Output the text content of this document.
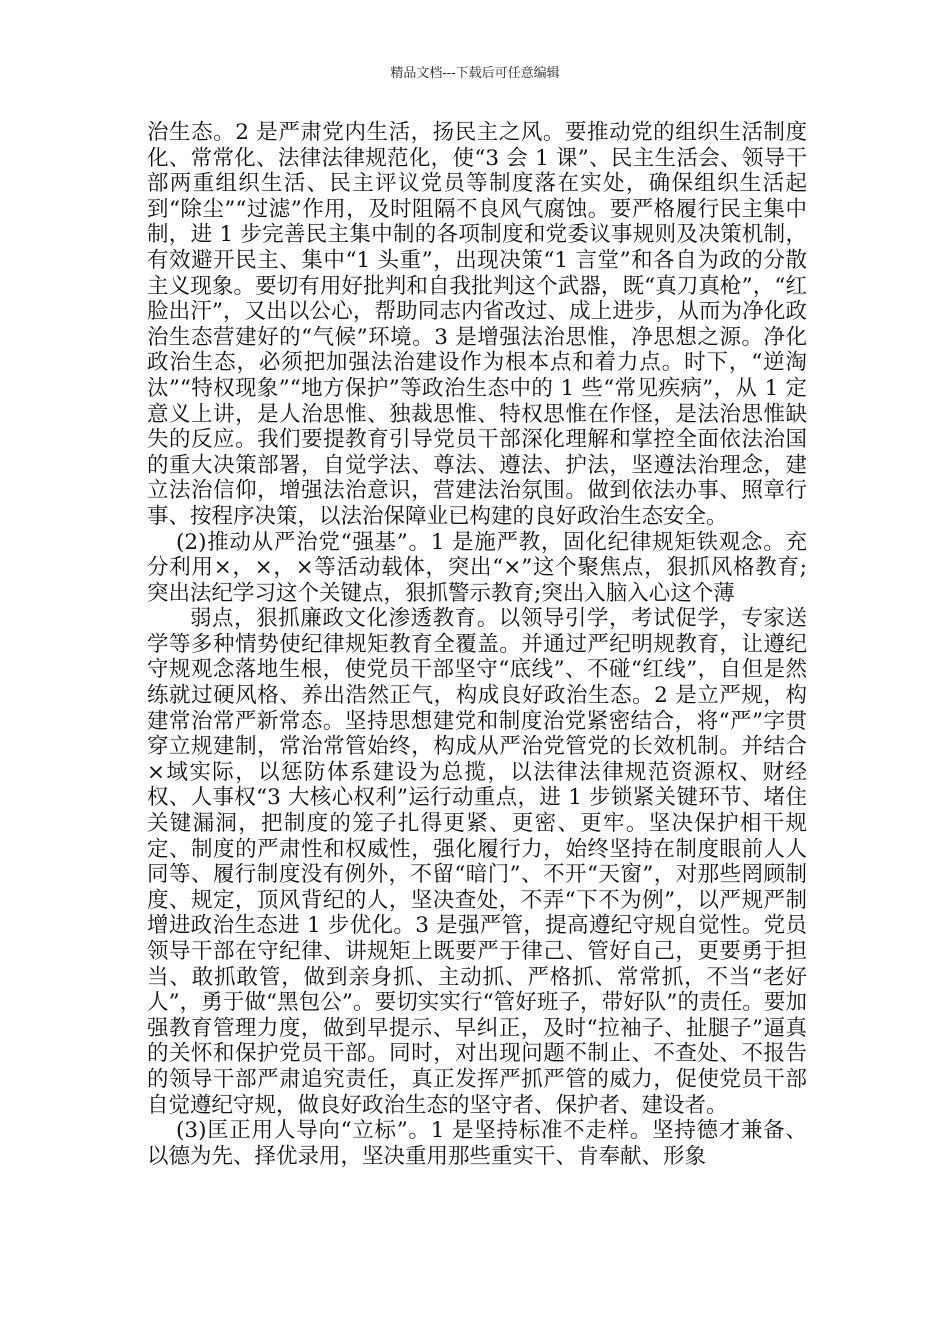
精品文档---下载后可任意编辑

治生态。2 是严肃党内生活，扬民主之风。要推动党的组织生活制度化、常常化、法律法律规范化，使“3 会 1 课”、民主生活会、领导干部两重组织生活、民主评议党员等制度落在实处，确保组织生活起到“除尘”“过滤”作用，及时阻隔不良风气腐蚀。要严格履行民主集中制，进 1 步完善民主集中制的各项制度和党委议事规则及决策机制，有效避开民主、集中“1 头重”，出现决策“1 言堂”和各自为政的分散主义现象。要切有用好批判和自我批判这个武器，既“真刀真枪”，“红脸出汗”，又出以公心，帮助同志内省改过、成上进步，从而为净化政治生态营建好的“气候”环境。3 是增强法治思惟，净思想之源。净化政治生态，必须把加强法治建设作为根本点和着力点。时下，“逆淘汰”“特权现象”“地方保护”等政治生态中的 1 些“常见疾病”，从 1 定意义上讲，是人治思惟、独裁思惟、特权思惟在作怪，是法治思惟缺失的反应。我们要提教育引导党员干部深化理解和掌控全面依法治国的重大决策部署，自觉学法、尊法、遵法、护法，坚遵法治理念，建立法治信仰，增强法治意识，营建法治氛围。做到依法办事、照章行事、按程序决策，以法治保障业已构建的良好政治生态安全。

(2)推动从严治党“强基”。1 是施严教，固化纪律规矩铁观念。充分利用×，×，×等活动载体，突出“×”这个聚焦点，狠抓风格教育;突出法纪学习这个关键点，狠抓警示教育;突出入脑入心这个薄

弱点，狠抓廉政文化渗透教育。以领导引学，考试促学，专家送学等多种情势使纪律规矩教育全覆盖。并通过严纪明规教育，让遵纪守规观念落地生根，使党员干部坚守“底线”、不碰“红线”，自但是然练就过硬风格、养出浩然正气，构成良好政治生态。2 是立严规，构建常治常严新常态。坚持思想建党和制度治党紧密结合，将“严”字贯穿立规建制，常治常管始终，构成从严治党管党的长效机制。并结合×域实际，以惩防体系建设为总揽，以法律法律规范资源权、财经权、人事权“3 大核心权利”运行动重点，进 1 步锁紧关键环节、堵住关键漏洞，把制度的笼子扎得更紧、更密、更牢。坚决保护相干规定、制度的严肃性和权威性，强化履行力，始终坚持在制度眼前人人同等、履行制度没有例外，不留“暗门”、不开“天窗”，对那些罔顾制度、规定，顶风背纪的人，坚决查处，不弄“下不为例”，以严规严制增进政治生态进 1 步优化。3 是强严管，提高遵纪守规自觉性。党员领导干部在守纪律、讲规矩上既要严于律己、管好自己，更要勇于担当、敢抓敢管，做到亲身抓、主动抓、严格抓、常常抓，不当“老好人”，勇于做“黑包公”。要切实实行“管好班子，带好队”的责任。要加强教育管理力度，做到早提示、早纠正，及时“拉袖子、扯腿子”逼真的关怀和保护党员干部。同时，对出现问题不制止、不查处、不报告的领导干部严肃追究责任，真正发挥严抓严管的威力，促使党员干部自觉遵纪守规，做良好政治生态的坚守者、保护者、建设者。

(3)匡正用人导向“立标”。1 是坚持标准不走样。坚持德才兼备、以德为先、择优录用，坚决重用那些重实干、肯奉献、形象
